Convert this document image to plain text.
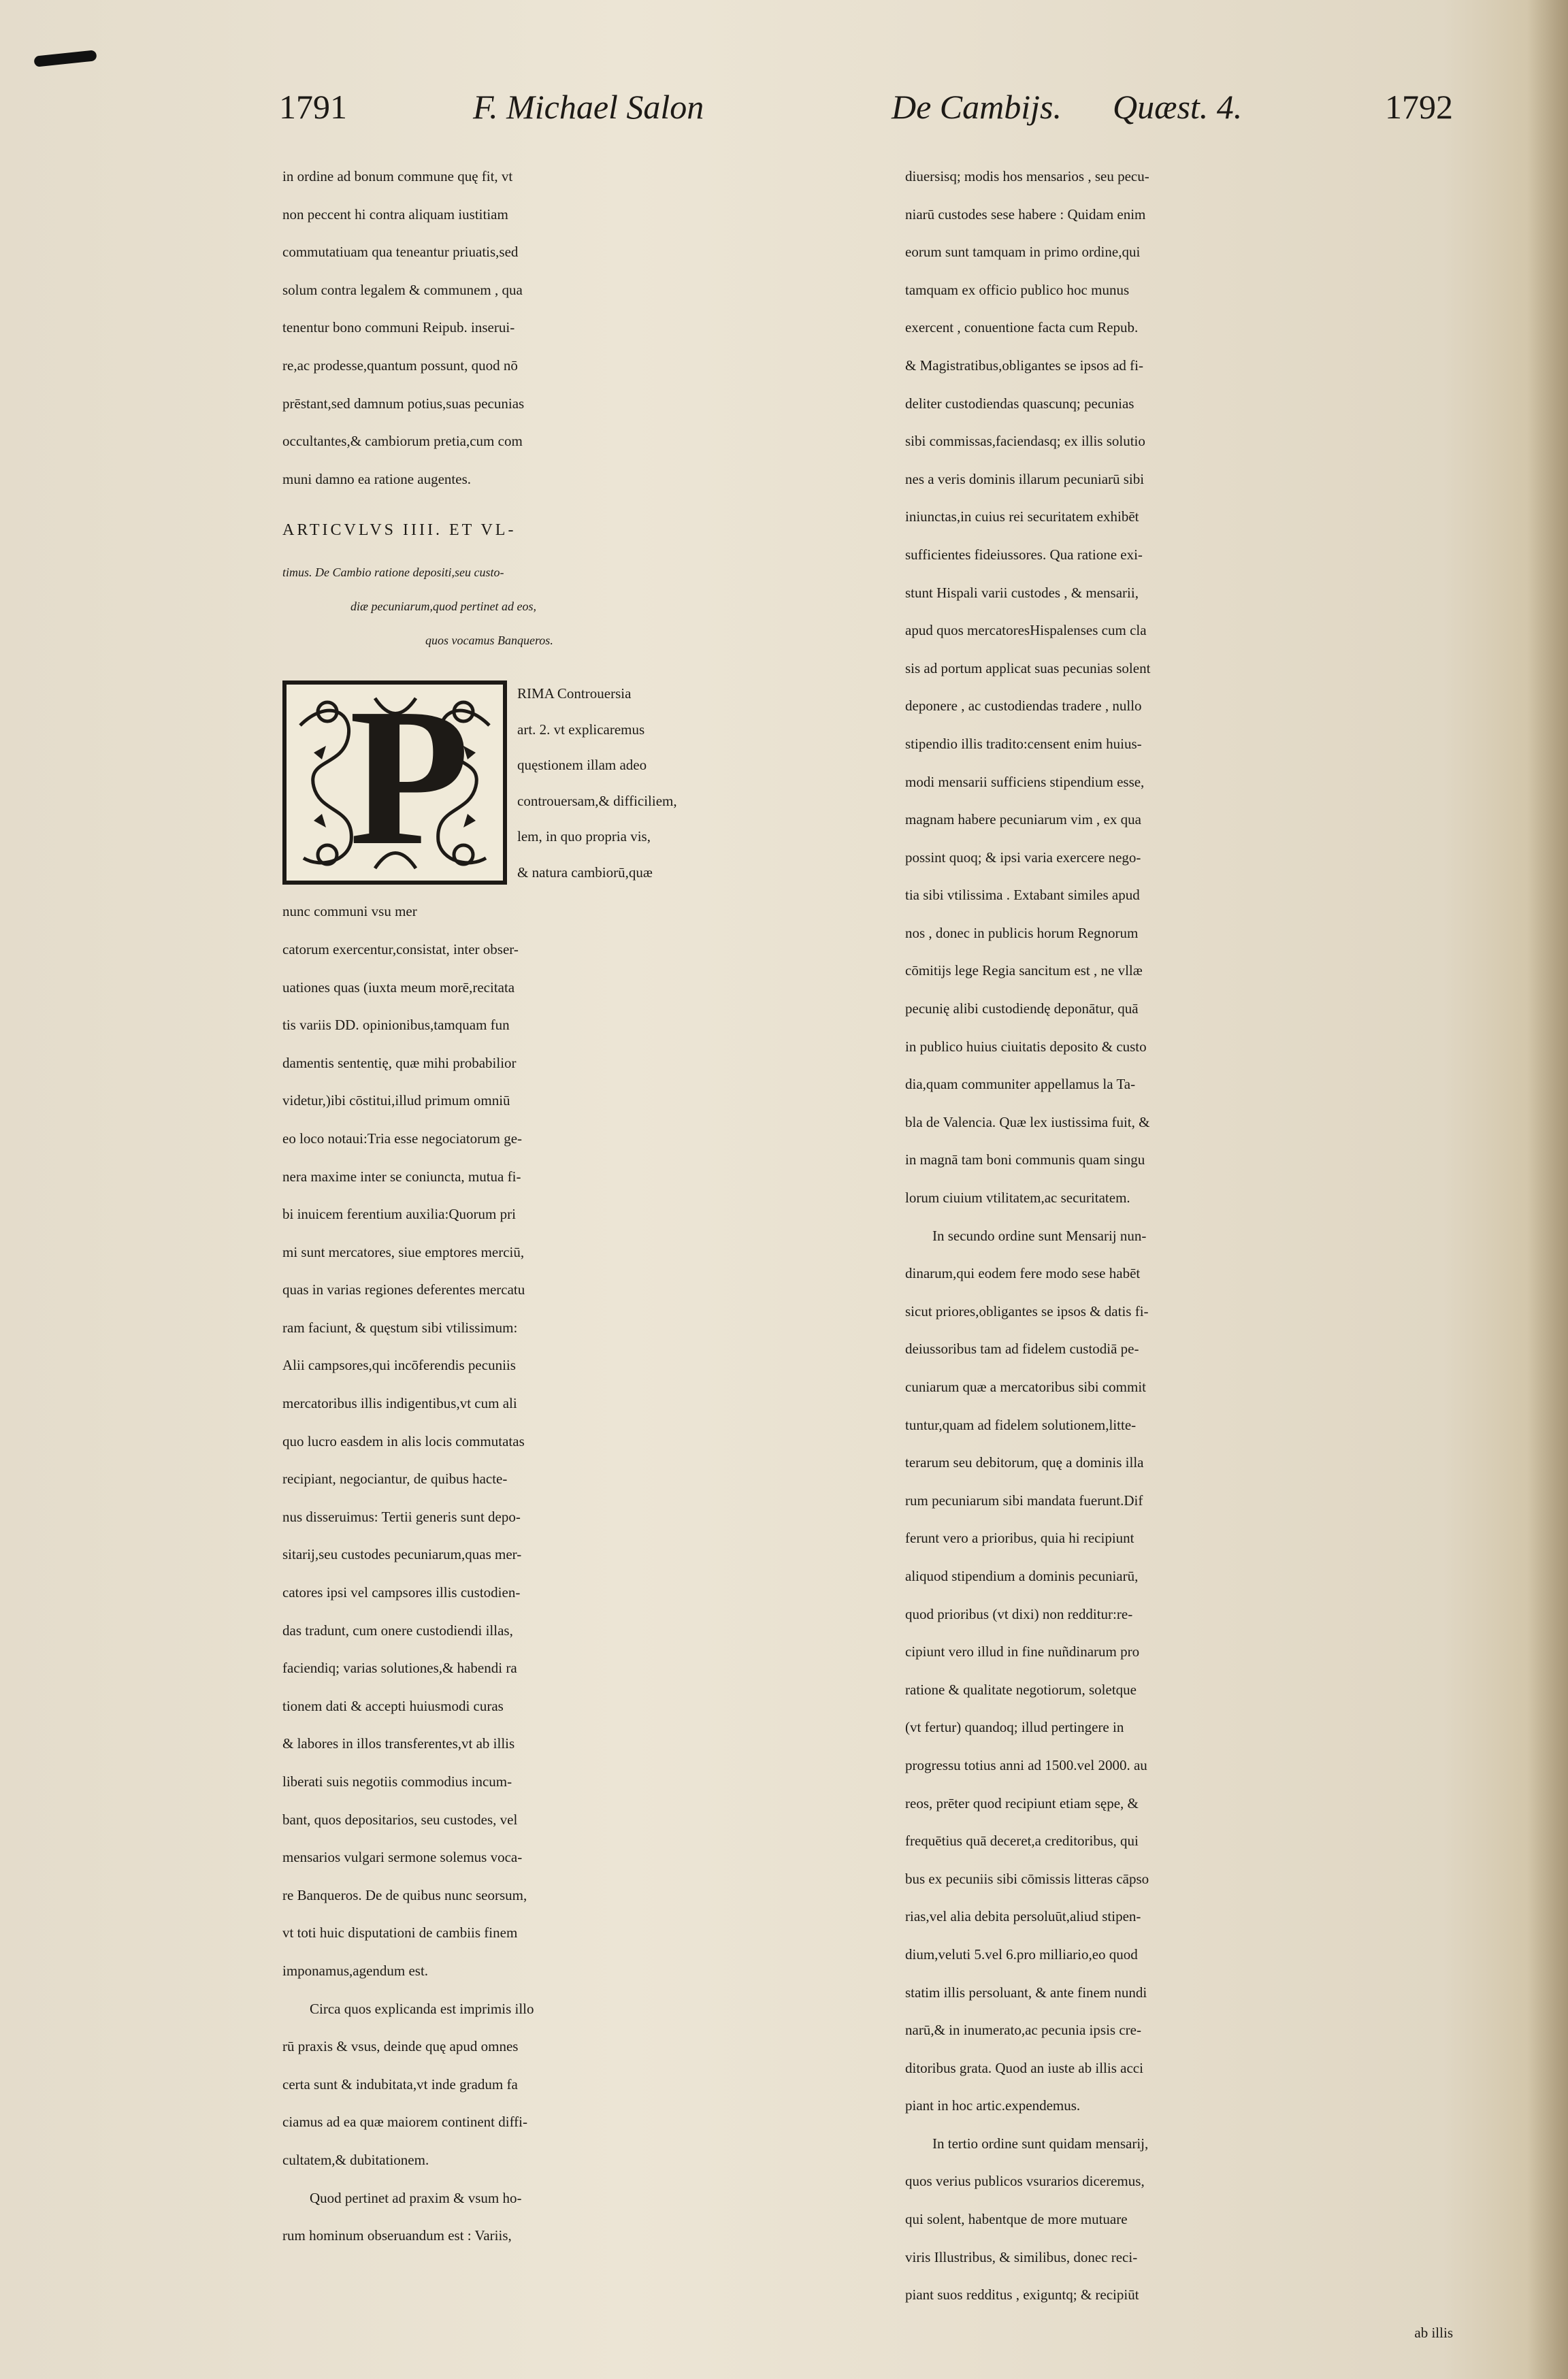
1791	F. Michael Salon	De Cambijs. Quæst. 4.	1792
in ordine ad bonum commune quę fit, vt
non peccent hi contra aliquam iustitiam
commutatiuam qua teneantur priuatis,sed
solum contra legalem & communem , qua
tenentur bono communi Reipub. inserui-
re,ac prodesse,quantum possunt, quod nō
prēstant,sed damnum potius,suas pecunias
occultantes,& cambiorum pretia,cum com
muni damno ea ratione augentes.
ARTICVLVS IIII. ET VL-
timus. De Cambio ratione depositi,seu custo-
diæ pecuniarum,quod pertinet ad eos,
quos vocamus Banqueros.
P	RIMA Controuersia
art. 2. vt explicaremus
quęstionem illam adeo
controuersam,& difficiliem,
lem, in quo propria vis,
& natura cambiorū,quæ
nunc communi vsu mer
catorum exercentur,consistat, inter obser-
uationes quas (iuxta meum morē,recitata
tis variis DD. opinionibus,tamquam fun
damentis sententię, quæ mihi probabilior
videtur,)ibi cōstitui,illud primum omniū
eo loco notaui:Tria esse negociatorum ge-
nera maxime inter se coniuncta, mutua fi-
bi inuicem ferentium auxilia:Quorum pri
mi sunt mercatores, siue emptores merciū,
quas in varias regiones deferentes mercatu
ram faciunt, & quęstum sibi vtilissimum:
Alii campsores,qui incōferendis pecuniis
mercatoribus illis indigentibus,vt cum ali
quo lucro easdem in alis locis commutatas
recipiant, negociantur, de quibus hacte-
nus disseruimus: Tertii generis sunt depo-
sitarij,seu custodes pecuniarum,quas mer-
catores ipsi vel campsores illis custodien-
das tradunt, cum onere custodiendi illas,
faciendiq; varias solutiones,& habendi ra
tionem dati & accepti huiusmodi curas
& labores in illos transferentes,vt ab illis
liberati suis negotiis commodius incum-
bant, quos depositarios, seu custodes, vel
mensarios vulgari sermone solemus voca-
re Banqueros. De de quibus nunc seorsum,
vt toti huic disputationi de cambiis finem
imponamus,agendum est.
Circa quos explicanda est imprimis illo
rū praxis & vsus, deinde quę apud omnes
certa sunt & indubitata,vt inde gradum fa
ciamus ad ea quæ maiorem continent diffi-
cultatem,& dubitationem.
Quod pertinet ad praxim & vsum ho-
rum hominum obseruandum est : Variis,
diuersisq; modis hos mensarios , seu pecu-
niarū custodes sese habere : Quidam enim
eorum sunt tamquam in primo ordine,qui
tamquam ex officio publico hoc munus
exercent , conuentione facta cum Repub.
& Magistratibus,obligantes se ipsos ad fi-
deliter custodiendas quascunq; pecunias
sibi commissas,faciendasq; ex illis solutio
nes a veris dominis illarum pecuniarū sibi
iniunctas,in cuius rei securitatem exhibēt
sufficientes fideiussores. Qua ratione exi-
stunt Hispali varii custodes , & mensarii,
apud quos mercatoresHispalenses cum cla
sis ad portum applicat suas pecunias solent
deponere , ac custodiendas tradere , nullo
stipendio illis tradito:censent enim huius-
modi mensarii sufficiens stipendium esse,
magnam habere pecuniarum vim , ex qua
possint quoq; & ipsi varia exercere nego-
tia sibi vtilissima . Extabant similes apud
nos , donec in publicis horum Regnorum
cōmitijs lege Regia sancitum est , ne vllæ
pecunię alibi custodiendę deponātur, quā
in publico huius ciuitatis deposito & custo
dia,quam communiter appellamus la Ta-
bla de Valencia. Quæ lex iustissima fuit, &
in magnā tam boni communis quam singu
lorum ciuium vtilitatem,ac securitatem.
In secundo ordine sunt Mensarij nun-
dinarum,qui eodem fere modo sese habēt
sicut priores,obligantes se ipsos & datis fi-
deiussoribus tam ad fidelem custodiā pe-
cuniarum quæ a mercatoribus sibi commit
tuntur,quam ad fidelem solutionem,litte-
terarum seu debitorum, quę a dominis illa
rum pecuniarum sibi mandata fuerunt.Dif
ferunt vero a prioribus, quia hi recipiunt
aliquod stipendium a dominis pecuniarū,
quod prioribus (vt dixi) non redditur:re-
cipiunt vero illud in fine nuñdinarum pro
ratione & qualitate negotiorum, soletque
(vt fertur) quandoq; illud pertingere in
progressu totius anni ad 1500.vel 2000. au
reos, prēter quod recipiunt etiam sępe, &
frequētius quā deceret,a creditoribus, qui
bus ex pecuniis sibi cōmissis litteras cāpso
rias,vel alia debita persoluūt,aliud stipen-
dium,veluti 5.vel 6.pro milliario,eo quod
statim illis persoluant, & ante finem nundi
narū,& in inumerato,ac pecunia ipsis cre-
ditoribus grata. Quod an iuste ab illis acci
piant in hoc artic.expendemus.
In tertio ordine sunt quidam mensarij,
quos verius publicos vsurarios diceremus,
qui solent, habentque de more mutuare
viris Illustribus, & similibus, donec reci-
piant suos redditus , exiguntq; & recipiūt
ab illis
